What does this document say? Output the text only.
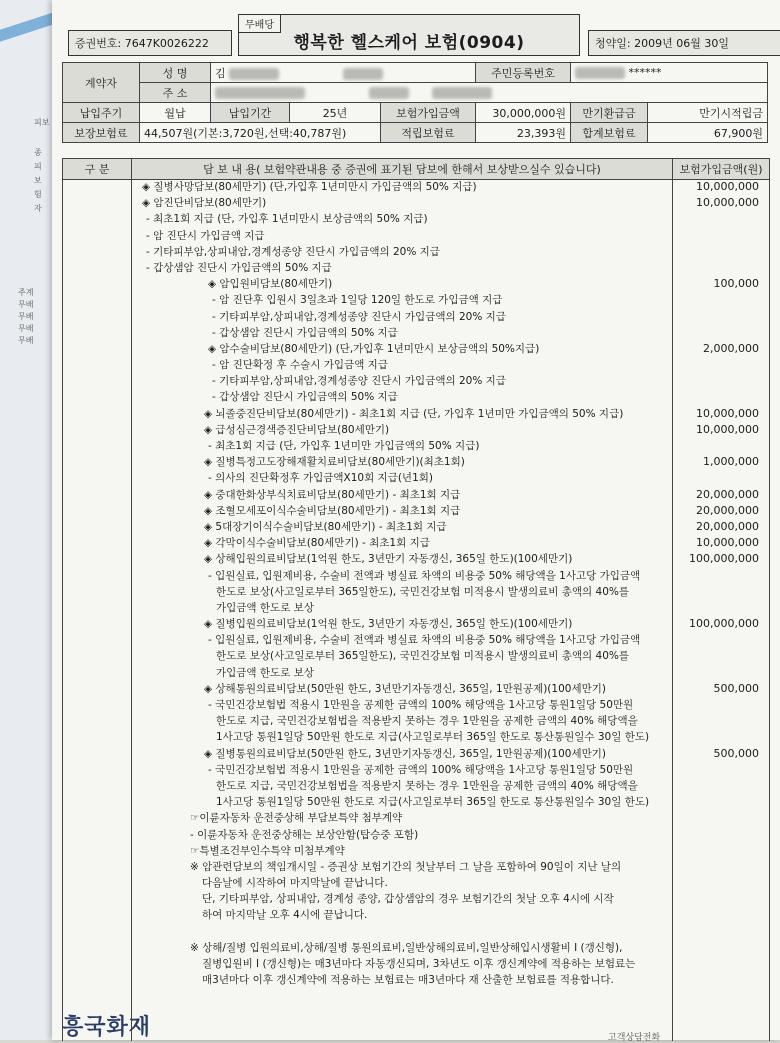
피보
종
피
보
험
자
주계
무배
무배
무배
무배
증권번호:
7647K0026222
무배당
행복한 헬스케어 보험(0904)	청약일:
2009년 06월 30일
계약자	성 명	김			주민등록번호	******	
	주 소						
납입주기	월납	납입기간	25년	보험가입금액	30,000,000원	만기환급금	만기시적립금
보장보험료	44,507원(기본:3,720원,선택:40,787원)			적립보험료	23,393원	합계보험료	67,900원
구 분	담 보 내 용( 보험약관내용 중 증권에 표기된 담보에 한해서 보상받으실수 있습니다)	보험가입금액(원)
◈ 질병사망담보(80세만기) (단,가입후 1년미만시 가입금액의 50% 지급)	10,000,000
◈ 암진단비담보(80세만기)	10,000,000
- 최초1회 지급 (단, 가입후 1년미만시 보상금액의 50% 지급)
- 암 진단시 가입금액 지급
- 기타피부암,상피내암,경계성종양 진단시 가입금액의 20% 지급
- 갑상샘암 진단시 가입금액의 50% 지급
◈ 암입원비담보(80세만기)	100,000
- 암 진단후 입원시 3일초과 1일당 120일 한도로 가입금액 지급
- 기타피부암,상피내암,경계성종양 진단시 가입금액의 20% 지급
- 갑상샘암 진단시 가입금액의 50% 지급
◈ 암수술비담보(80세만기) (단,가입후 1년미만시 보상금액의 50%지급)	2,000,000
- 암 진단확정 후 수술시 가입금액 지급
- 기타피부암,상피내암,경계성종양 진단시 가입금액의 20% 지급
- 갑상샘암 진단시 가입금액의 50% 지급
◈ 뇌졸중진단비담보(80세만기) - 최초1회 지급 (단, 가입후 1년미만 가입금액의 50% 지급)	10,000,000
◈ 급성심근경색증진단비담보(80세만기)	10,000,000
- 최초1회 지급 (단, 가입후 1년미만 가입금액의 50% 지급)
◈ 질병특정고도장해재활치료비담보(80세만기)(최초1회)	1,000,000
- 의사의 진단확정후 가입금액X10회 지급(년1회)
◈ 중대한화상부식치료비담보(80세만기) - 최초1회 지급	20,000,000
◈ 조혈모세포이식수술비담보(80세만기) - 최초1회 지급	20,000,000
◈ 5대장기이식수술비담보(80세만기) - 최초1회 지급	20,000,000
◈ 각막이식수술비담보(80세만기) - 최초1회 지급	10,000,000
◈ 상해입원의료비담보(1억원 한도, 3년만기 자동갱신, 365일 한도)(100세만기)	100,000,000
- 입원실료, 입원제비용, 수술비 전액과 병실료 차액의 비용중 50% 해당액을 1사고당 가입금액
한도로 보상(사고일로부터 365일한도), 국민건강보험 미적용시 발생의료비 총액의 40%를
가입금액 한도로 보상
◈ 질병입원의료비담보(1억원 한도, 3년만기 자동갱신, 365일 한도)(100세만기)	100,000,000
- 입원실료, 입원제비용, 수술비 전액과 병실료 차액의 비용중 50% 해당액을 1사고당 가입금액
한도로 보상(사고일로부터 365일한도), 국민건강보험 미적용시 발생의료비 총액의 40%를
가입금액 한도로 보상
◈ 상해통원의료비담보(50만원 한도, 3년만기자동갱신, 365일, 1만원공제)(100세만기)	500,000
- 국민건강보험법 적용시 1만원을 공제한 금액의 100% 해당액을 1사고당 통원1일당 50만원
한도로 지급, 국민건강보험법을 적용받지 못하는 경우 1만원을 공제한 금액의 40% 해당액을
1사고당 통원1일당 50만원 한도로 지급(사고일로부터 365일 한도로 통산통원일수 30일 한도)
◈ 질병통원의료비담보(50만원 한도, 3년만기자동갱신, 365일, 1만원공제)(100세만기)	500,000
- 국민건강보험법 적용시 1만원을 공제한 금액의 100% 해당액을 1사고당 통원1일당 50만원
한도로 지급, 국민건강보험법을 적용받지 못하는 경우 1만원을 공제한 금액의 40% 해당액을
1사고당 통원1일당 50만원 한도로 지급(사고일로부터 365일 한도로 통산통원일수 30일 한도)
☞이륜자동차 운전중상해 부담보특약 첨부계약
- 이륜자동차 운전중상해는 보상안함(탑승중 포함)
☞특별조건부인수특약 미첨부계약
※ 암관련담보의 책임개시일 - 증권상 보험기간의 첫날부터 그 날을 포함하여 90일이 지난 날의
다음날에 시작하여 마지막날에 끝납니다.
단, 기타피부암, 상피내암, 경계성 종양, 갑상샘암의 경우 보험기간의 첫날 오후 4시에 시작
하여 마지막날 오후 4시에 끝납니다.
※ 상해/질병 입원의료비,상해/질병 통원의료비,일반상해의료비,일반상해입시생활비 I (갱신형),
질병입원비 I (갱신형)는 매3년마다 자동갱신되며, 3차년도 이후 갱신계약에 적용하는 보험료는
매3년마다 이후 갱신계약에 적용하는 보험료는 매3년마다 재 산출한 보험료를 적용합니다.
흥국화재	고객상담전화
